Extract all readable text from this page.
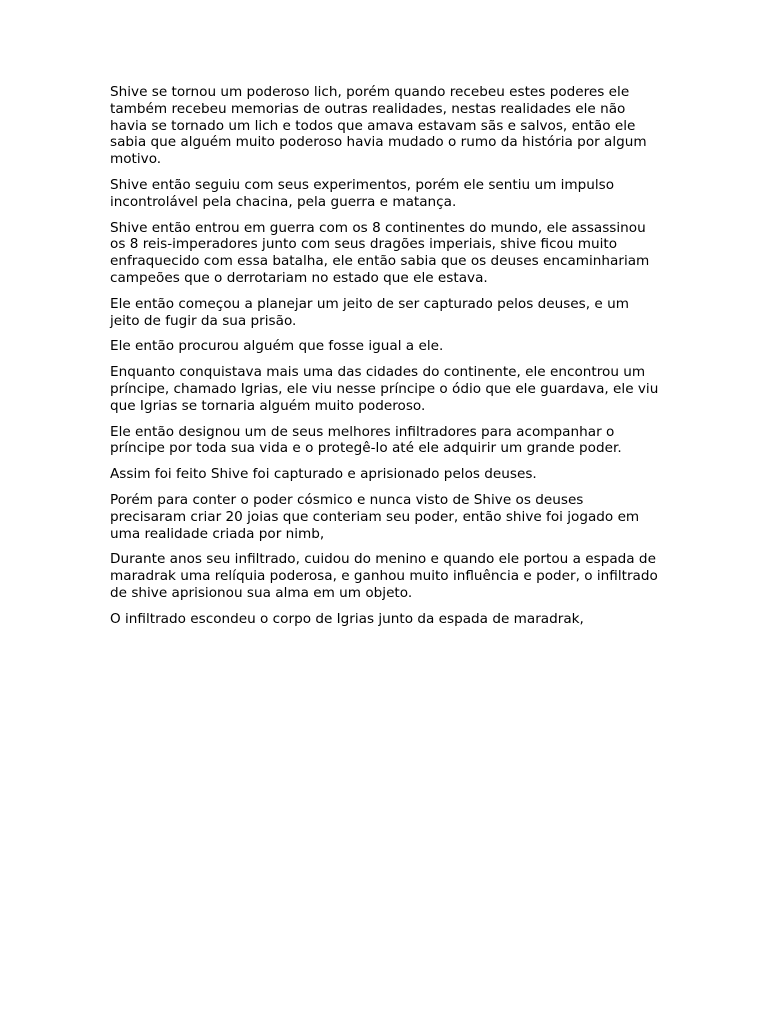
Shive se tornou um poderoso lich, porém quando recebeu estes poderes ele também recebeu memorias de outras realidades, nestas realidades ele não havia se tornado um lich e todos que amava estavam sãs e salvos, então ele sabia que alguém muito poderoso havia mudado o rumo da história por algum motivo.

Shive então seguiu com seus experimentos, porém ele sentiu um impulso incontrolável pela chacina, pela guerra e matança.

Shive então entrou em guerra com os 8 continentes do mundo, ele assassinou os 8 reis-imperadores junto com seus dragões imperiais, shive ficou muito enfraquecido com essa batalha, ele então sabia que os deuses encaminhariam campeões que o derrotariam no estado que ele estava.

Ele então começou a planejar um jeito de ser capturado pelos deuses, e um jeito de fugir da sua prisão.

Ele então procurou alguém que fosse igual a ele.

Enquanto conquistava mais uma das cidades do continente, ele encontrou um príncipe, chamado Igrias, ele viu nesse príncipe o ódio que ele guardava, ele viu que Igrias se tornaria alguém muito poderoso.

Ele então designou um de seus melhores infiltradores para acompanhar o príncipe por toda sua vida e o protegê-lo até ele adquirir um grande poder.

Assim foi feito Shive foi capturado e aprisionado pelos deuses.

Porém para conter o poder cósmico e nunca visto de Shive os deuses precisaram criar 20 joias que conteriam seu poder, então shive foi jogado em uma realidade criada por nimb,

Durante anos seu infiltrado, cuidou do menino e quando ele portou a espada de maradrak uma relíquia poderosa, e ganhou muito influência e poder, o infiltrado de shive aprisionou sua alma em um objeto.

O infiltrado escondeu o corpo de Igrias junto da espada de maradrak,
